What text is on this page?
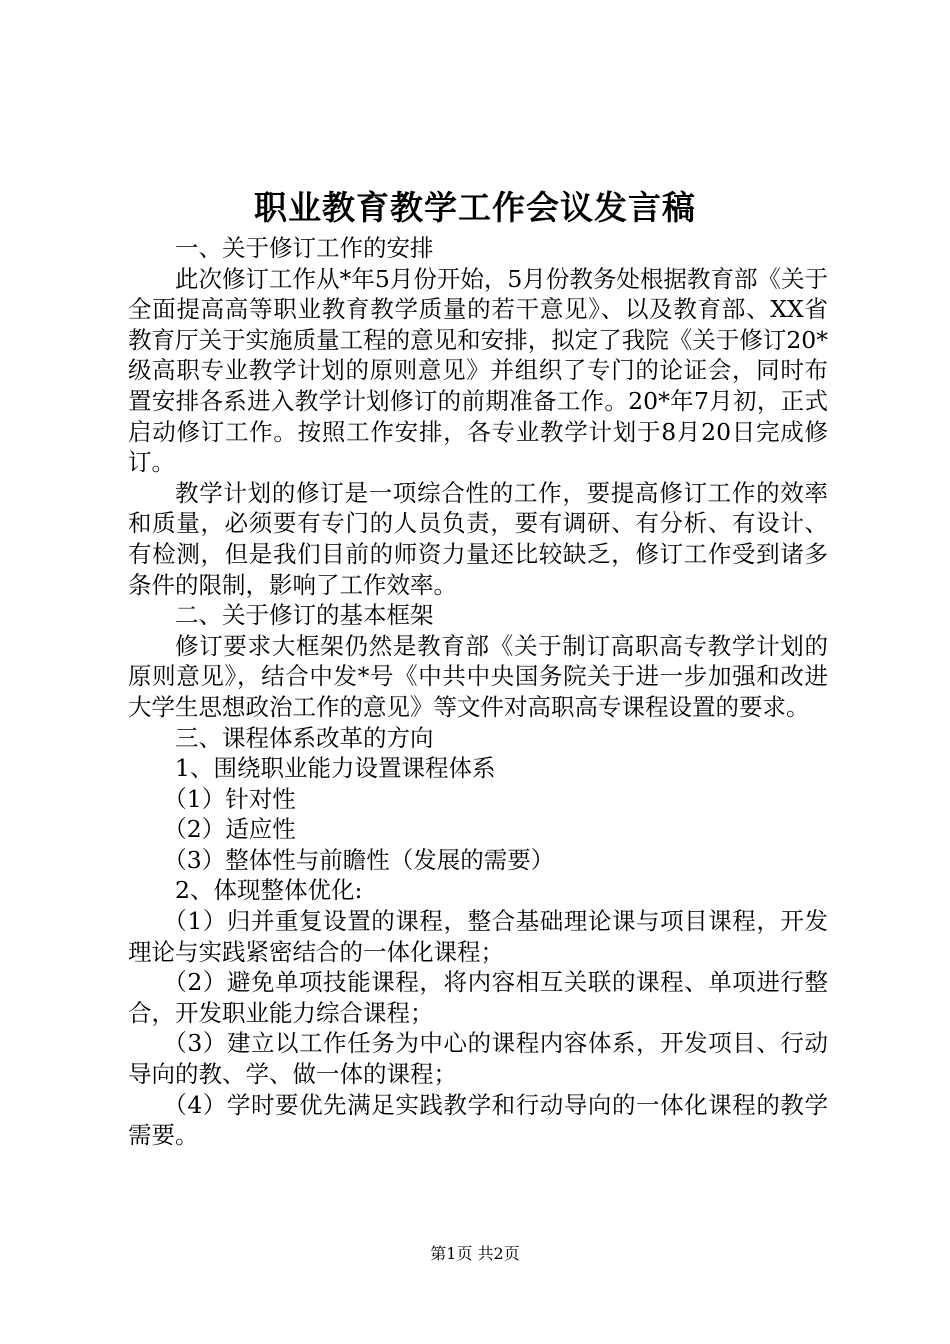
职业教育教学工作会议发言稿

一、关于修订工作的安排

此次修订工作从*年5月份开始，5月份教务处根据教育部《关于全面提高高等职业教育教学质量的若干意见》、以及教育部、XX省教育厅关于实施质量工程的意见和安排，拟定了我院《关于修订20*级高职专业教学计划的原则意见》并组织了专门的论证会，同时布置安排各系进入教学计划修订的前期准备工作。20*年7月初，正式启动修订工作。按照工作安排，各专业教学计划于8月20日完成修订。

教学计划的修订是一项综合性的工作，要提高修订工作的效率和质量，必须要有专门的人员负责，要有调研、有分析、有设计、有检测，但是我们目前的师资力量还比较缺乏，修订工作受到诸多条件的限制，影响了工作效率。

二、关于修订的基本框架

修订要求大框架仍然是教育部《关于制订高职高专教学计划的原则意见》，结合中发*号《中共中央国务院关于进一步加强和改进大学生思想政治工作的意见》等文件对高职高专课程设置的要求。

三、课程体系改革的方向

1、围绕职业能力设置课程体系

（1）针对性

（2）适应性

（3）整体性与前瞻性（发展的需要）

2、体现整体优化:

（1）归并重复设置的课程，整合基础理论课与项目课程，开发理论与实践紧密结合的一体化课程；

（2）避免单项技能课程，将内容相互关联的课程、单项进行整合，开发职业能力综合课程；

（3）建立以工作任务为中心的课程内容体系，开发项目、行动导向的教、学、做一体的课程；

（4）学时要优先满足实践教学和行动导向的一体化课程的教学需要。

第1页 共2页
